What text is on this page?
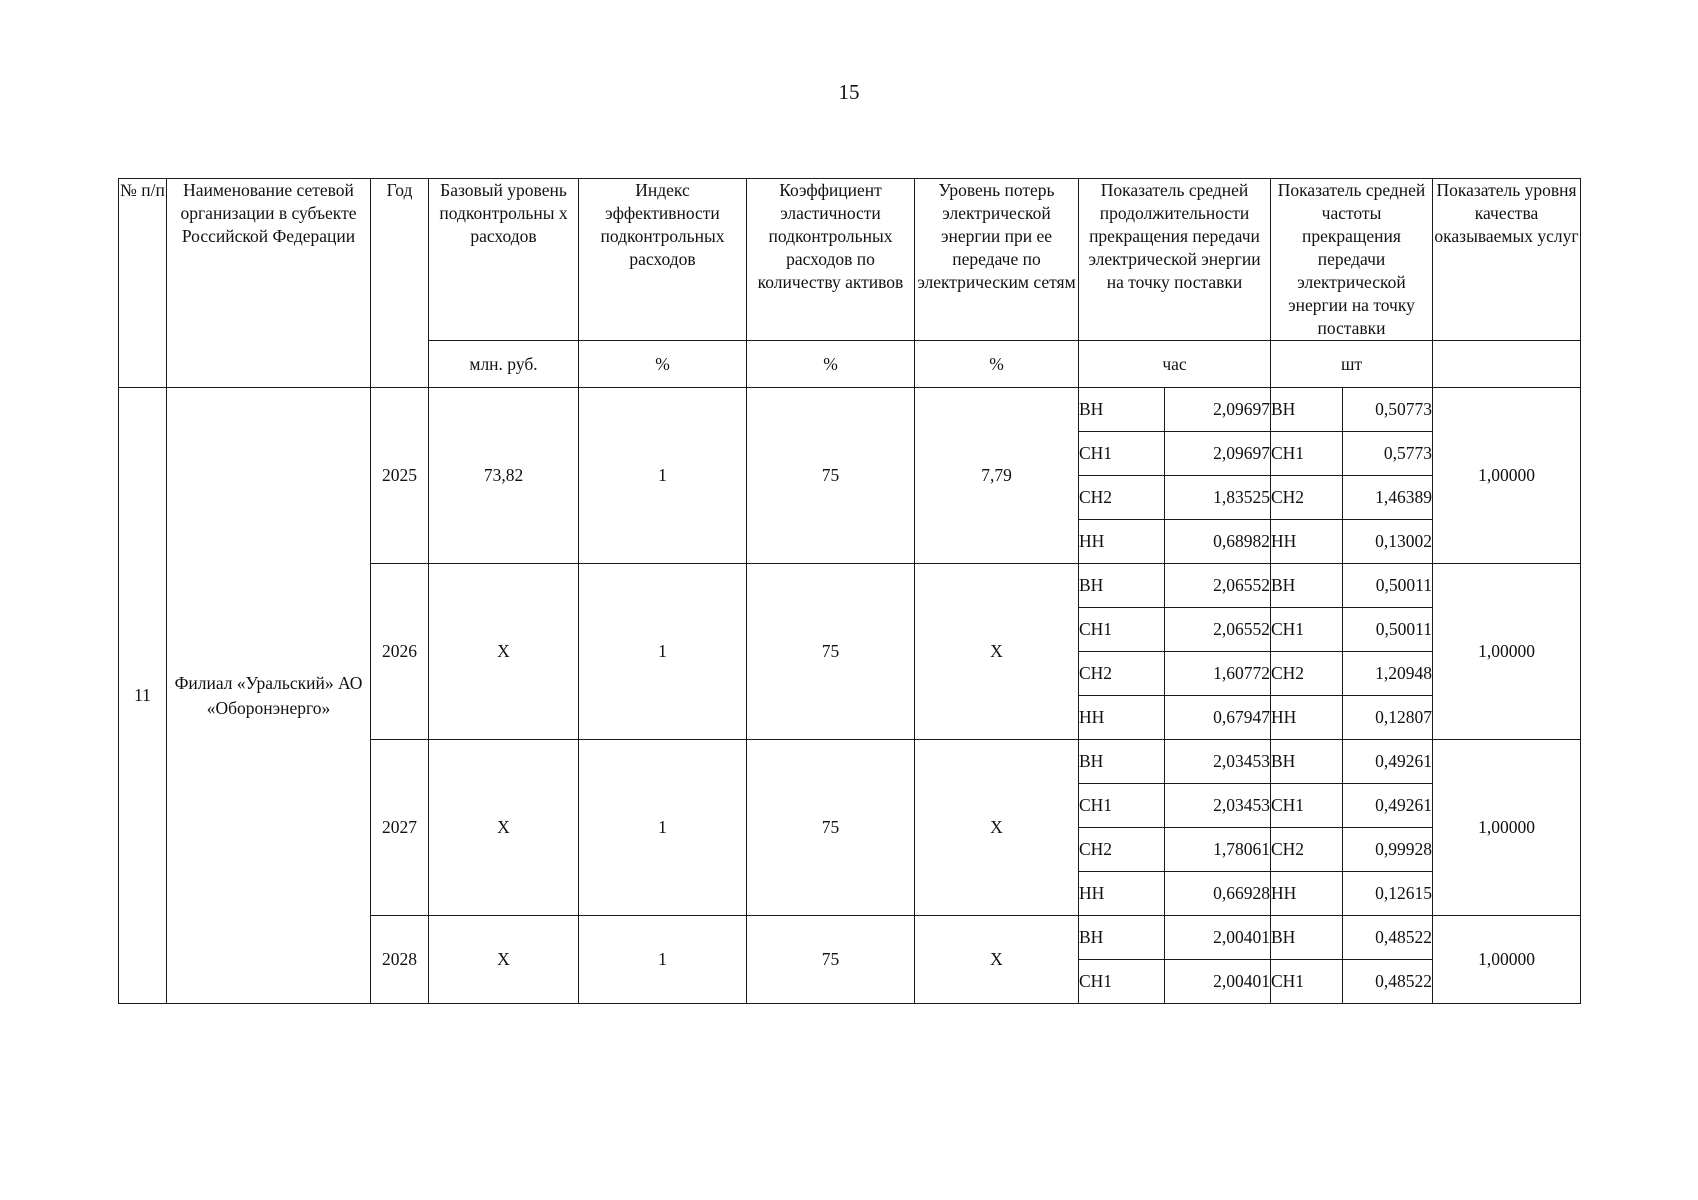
15
№ п/п	Наименование сетевой организации в субъекте Российской Федерации	Год	Базовый уровень подконтрольны х расходов	Индекс эффективности подконтрольных расходов	Коэффициент эластичности подконтрольных расходов по количеству активов	Уровень потерь электрической энергии при ее передаче по электрическим сетям	Показатель средней продолжительности прекращения передачи электрической энергии на точку поставки		Показатель средней частоты прекращения передачи электрической энергии на точку поставки		Показатель уровня качества оказываемых услуг
			млн. руб.	%	%	%	час		шт		
11	Филиал «Уральский» АО «Оборонэнерго»	2025	73,82	1	75	7,79	ВН	2,09697	ВН	0,50773	1,00000
							СН1	2,09697	СН1	0,5773	
							СН2	1,83525	СН2	1,46389	
							НН	0,68982	НН	0,13002	
		2026	Х	1	75	Х	ВН	2,06552	ВН	0,50011	1,00000
							СН1	2,06552	СН1	0,50011	
							СН2	1,60772	СН2	1,20948	
							НН	0,67947	НН	0,12807	
		2027	Х	1	75	Х	ВН	2,03453	ВН	0,49261	1,00000
							СН1	2,03453	СН1	0,49261	
							СН2	1,78061	СН2	0,99928	
							НН	0,66928	НН	0,12615	
		2028	Х	1	75	Х	ВН	2,00401	ВН	0,48522	1,00000
							СН1	2,00401	СН1	0,48522	
